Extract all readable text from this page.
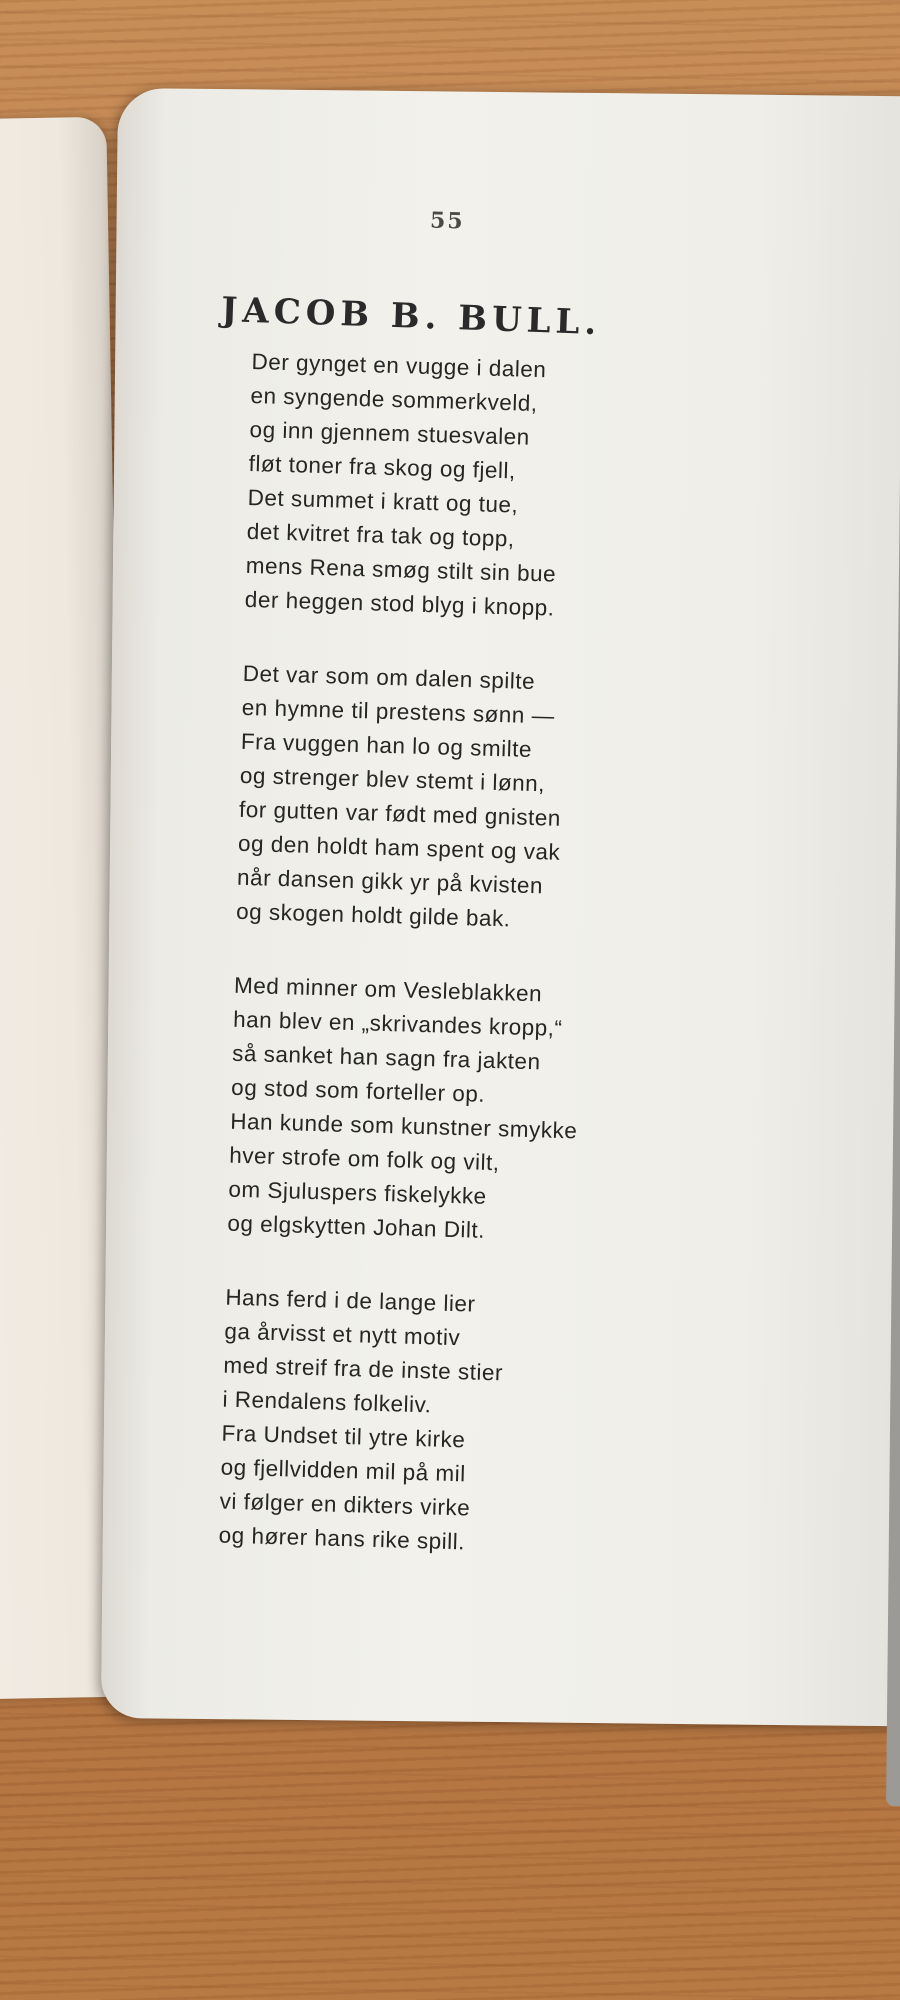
55
JACOB B. BULL.
Der gynget en vugge i dalen
en syngende sommerkveld,
og inn gjennem stuesvalen
fløt toner fra skog og fjell,
Det summet i kratt og tue,
det kvitret fra tak og topp,
mens Rena smøg stilt sin bue
der heggen stod blyg i knopp.
Det var som om dalen spilte
en hymne til prestens sønn —
Fra vuggen han lo og smilte
og strenger blev stemt i lønn,
for gutten var født med gnisten
og den holdt ham spent og vak
når dansen gikk yr på kvisten
og skogen holdt gilde bak.
Med minner om Vesleblakken
han blev en „skrivandes kropp,“
så sanket han sagn fra jakten
og stod som forteller op.
Han kunde som kunstner smykke
hver strofe om folk og vilt,
om Sjuluspers fiskelykke
og elgskytten Johan Dilt.
Hans ferd i de lange lier
ga årvisst et nytt motiv
med streif fra de inste stier
i Rendalens folkeliv.
Fra Undset til ytre kirke
og fjellvidden mil på mil
vi følger en dikters virke
og hører hans rike spill.
